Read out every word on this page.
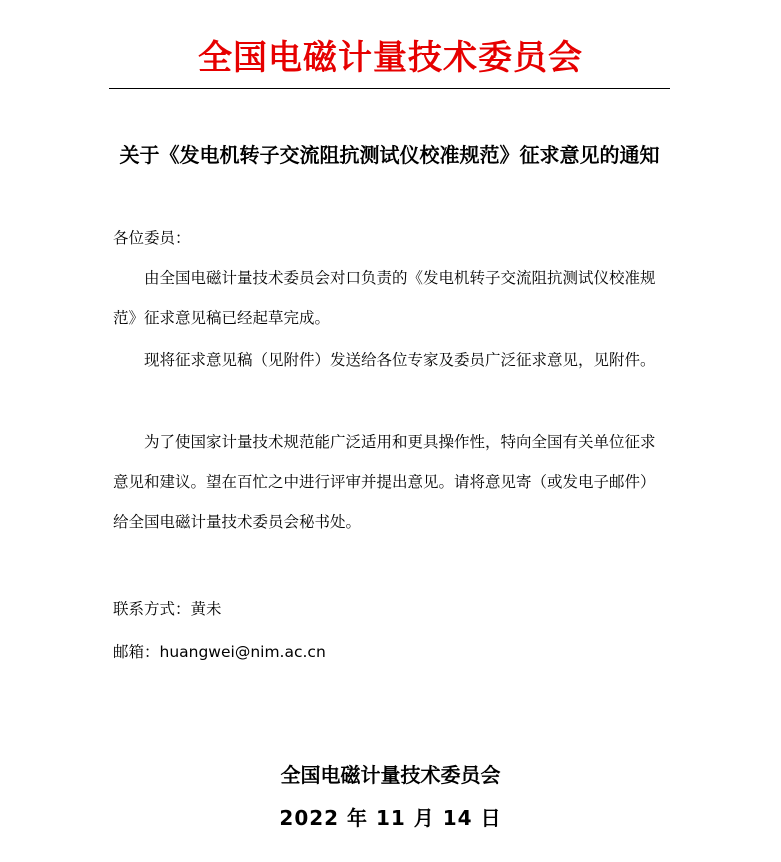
全国电磁计量技术委员会
关于《发电机转子交流阻抗测试仪校准规范》征求意见的通知
各位委员：
由全国电磁计量技术委员会对口负责的《发电机转子交流阻抗测试仪校准规范》征求意见稿已经起草完成。
现将征求意见稿（见附件）发送给各位专家及委员广泛征求意见，见附件。
为了使国家计量技术规范能广泛适用和更具操作性，特向全国有关单位征求意见和建议。望在百忙之中进行评审并提出意见。请将意见寄（或发电子邮件）给全国电磁计量技术委员会秘书处。
联系方式：黄未
邮箱：huangwei@nim.ac.cn
全国电磁计量技术委员会
2022 年 11 月 14 日
